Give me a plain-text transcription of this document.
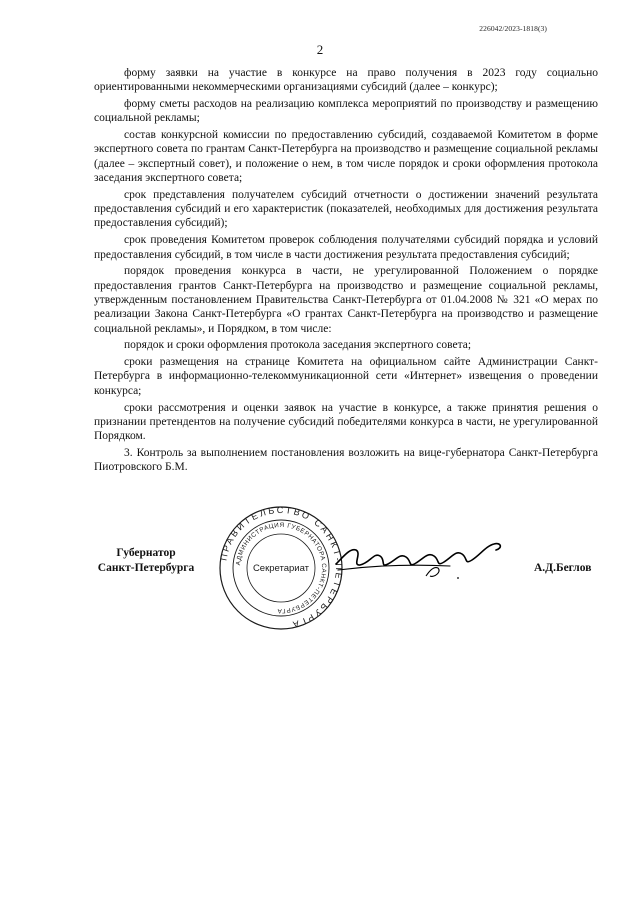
226042/2023-1818(3)
2

форму заявки на участие в конкурсе на право получения в 2023 году социально ориентированными некоммерческими организациями субсидий (далее – конкурс);

форму сметы расходов на реализацию комплекса мероприятий по производству и размещению социальной рекламы;

состав конкурсной комиссии по предоставлению субсидий, создаваемой Комитетом в форме экспертного совета по грантам Санкт-Петербурга на производство и размещение социальной рекламы (далее – экспертный совет), и положение о нем, в том числе порядок и сроки оформления протокола заседания экспертного совета;

срок представления получателем субсидий отчетности о достижении значений результата предоставления субсидий и его характеристик (показателей, необходимых для достижения результата предоставления субсидий);

срок проведения Комитетом проверок соблюдения получателями субсидий порядка и условий предоставления субсидий, в том числе в части достижения результата предоставления субсидий;

порядок проведения конкурса в части, не урегулированной Положением о порядке предоставления грантов Санкт-Петербурга на производство и размещение социальной рекламы, утвержденным постановлением Правительства Санкт-Петербурга от 01.04.2008 № 321 «О мерах по реализации Закона Санкт-Петербурга «О грантах Санкт-Петербурга на производство и размещение социальной рекламы», и Порядком, в том числе:

порядок и сроки оформления протокола заседания экспертного совета;

сроки размещения на странице Комитета на официальном сайте Администрации Санкт-Петербурга в информационно-телекоммуникационной сети «Интернет» извещения о проведении конкурса;

сроки рассмотрения и оценки заявок на участие в конкурсе, а также принятия решения о признании претендентов на получение субсидий победителями конкурса в части, не урегулированной Порядком.

3. Контроль за выполнением постановления возложить на вице-губернатора Санкт-Петербурга Пиотровского Б.М.

Губернатор
Санкт-Петербурга
ПРАВИТЕЛЬСТВО САНКТ-ПЕТЕРБУРГА
АДМИНИСТРАЦИЯ ГУБЕРНАТОРА САНКТ-ПЕТЕРБУРГА
Секретариат	А.Д.Беглов
